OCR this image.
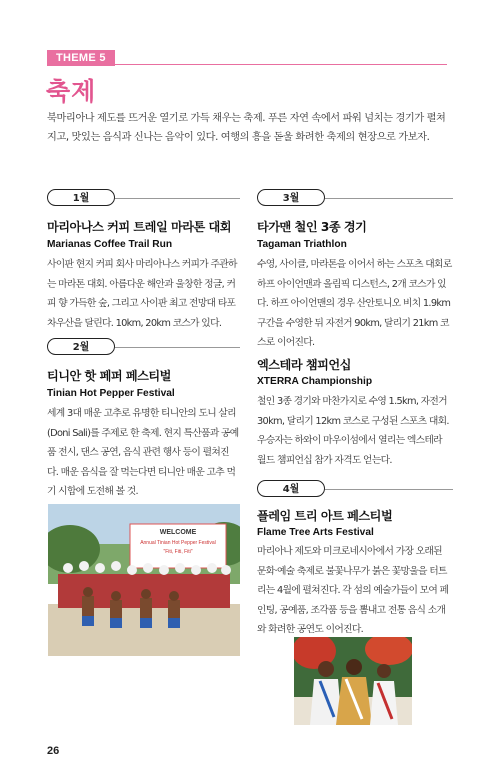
THEME 5
축제
북마리아나 제도를 뜨거운 열기로 가득 채우는 축제. 푸른 자연 속에서 파워 넘치는 경기가 펼쳐지고, 맛있는 음식과 신나는 음악이 있다. 여행의 흥을 돋울 화려한 축제의 현장으로 가보자.
1월
마리아나스 커피 트레일 마라톤 대회
Marianas Coffee Trail Run
사이판 현지 커피 회사 마리아나스 커피가 주관하는 마라톤 대회. 아름다운 해안과 울창한 정글, 커피 향 가득한 숲, 그리고 사이판 최고 전망대 타포차우산을 달린다. 10km, 20km 코스가 있다.
2월
티니안 핫 페퍼 페스티벌
Tinian Hot Pepper Festival
세계 3대 매운 고추로 유명한 티니안의 도니 살리(Doni Sali)를 주제로 한 축제. 현지 특산품과 공예품 전시, 댄스 공연, 음식 관련 행사 등이 펼쳐진다. 매운 음식을 잘 먹는다면 티니안 매운 고추 먹기 시합에 도전해 볼 것.
WELCOME
Annual Tinian Hot Pepper Festival
"Fiti, Fiti, Fiti"
3월
타가맨 철인 3종 경기
Tagaman Triathlon
수영, 사이클, 마라톤을 이어서 하는 스포츠 대회로 하프 아이언맨과 올림픽 디스턴스, 2개 코스가 있다. 하프 아이언맨의 경우 산안토니오 비치 1.9km 구간을 수영한 뒤 자전거 90km, 달리기 21km 코스로 이어진다.
엑스테라 챔피언십
XTERRA Championship
철인 3종 경기와 마찬가지로 수영 1.5km, 자전거 30km, 달리기 12km 코스로 구성된 스포츠 대회. 우승자는 하와이 마우이섬에서 열리는 엑스테라 월드 챔피언십 참가 자격도 얻는다.
4월
플레임 트리 아트 페스티벌
Flame Tree Arts Festival
마리아나 제도와 미크로네시아에서 가장 오래된 문화·예술 축제로 불꽃나무가 붉은 꽃망울을 터트리는 4월에 펼쳐진다. 각 섬의 예술가들이 모여 페인팅, 공예품, 조각품 등을 뽐내고 전통 음식 소개와 화려한 공연도 이어진다.
26
